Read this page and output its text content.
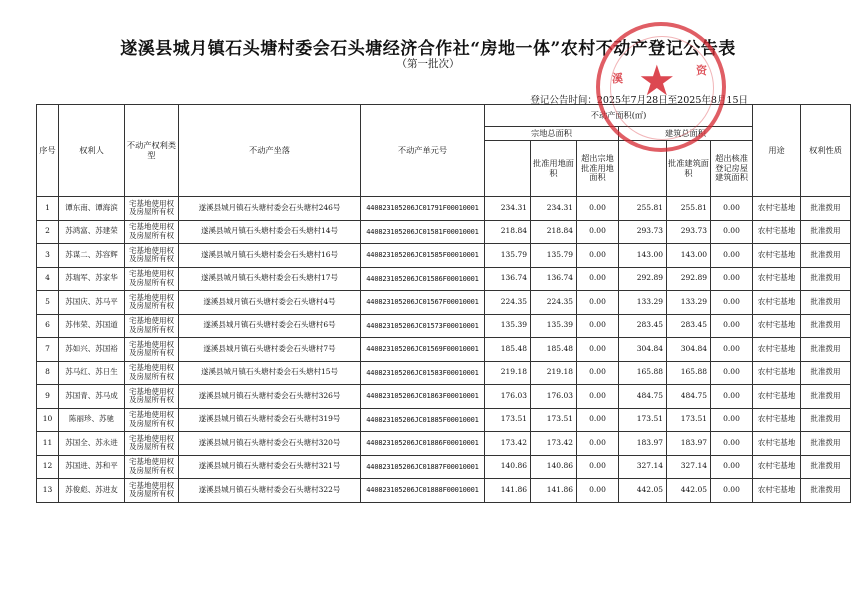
遂溪县城月镇石头塘村委会石头塘经济合作社“房地一体”农村不动产登记公告表
（第一批次）
登记公告时间：2025年7月28日至2025年8月15日
序号	权利人	不动产权利类型	不动产坐落	不动产单元号	不动产面积(㎡)						用途	权利性质
					宗地总面积			建筑总面积				
						批准用地面积	超出宗地批准用地面积		批准建筑面积	超出核准登记房屋建筑面积		
1	谭东南、谭海滨	宅基地使用权及房屋所有权	遂溪县城月镇石头塘村委会石头塘村246号	440823105206JC01791F00010001	234.31	234.31	0.00	255.81	255.81	0.00	农村宅基地	批准拨用
2	苏鸿富、苏建荣	宅基地使用权及房屋所有权	遂溪县城月镇石头塘村委会石头塘村14号	440823105206JC01581F00010001	218.84	218.84	0.00	293.73	293.73	0.00	农村宅基地	批准拨用
3	苏谋二、苏容辉	宅基地使用权及房屋所有权	遂溪县城月镇石头塘村委会石头塘村16号	440823105206JC01585F00010001	135.79	135.79	0.00	143.00	143.00	0.00	农村宅基地	批准拨用
4	苏瑞军、苏家华	宅基地使用权及房屋所有权	遂溪县城月镇石头塘村委会石头塘村17号	440823105206JC01586F00010001	136.74	136.74	0.00	292.89	292.89	0.00	农村宅基地	批准拨用
5	苏国庆、苏马平	宅基地使用权及房屋所有权	遂溪县城月镇石头塘村委会石头塘村4号	440823105206JC01567F00010001	224.35	224.35	0.00	133.29	133.29	0.00	农村宅基地	批准拨用
6	苏伟荣、苏国道	宅基地使用权及房屋所有权	遂溪县城月镇石头塘村委会石头塘村6号	440823105206JC01573F00010001	135.39	135.39	0.00	283.45	283.45	0.00	农村宅基地	批准拨用
7	苏如兴、苏国裕	宅基地使用权及房屋所有权	遂溪县城月镇石头塘村委会石头塘村7号	440823105206JC01569F00010001	185.48	185.48	0.00	304.84	304.84	0.00	农村宅基地	批准拨用
8	苏马红、苏日生	宅基地使用权及房屋所有权	遂溪县城月镇石头塘村委会石头塘村15号	440823105206JC01583F00010001	219.18	219.18	0.00	165.88	165.88	0.00	农村宅基地	批准拨用
9	苏国青、苏马成	宅基地使用权及房屋所有权	遂溪县城月镇石头塘村委会石头塘村326号	440823105206JC01863F00010001	176.03	176.03	0.00	484.75	484.75	0.00	农村宅基地	批准拨用
10	陈丽珍、苏驰	宅基地使用权及房屋所有权	遂溪县城月镇石头塘村委会石头塘村319号	440823105206JC01885F00010001	173.51	173.51	0.00	173.51	173.51	0.00	农村宅基地	批准拨用
11	苏国全、苏永进	宅基地使用权及房屋所有权	遂溪县城月镇石头塘村委会石头塘村320号	440823105206JC01886F00010001	173.42	173.42	0.00	183.97	183.97	0.00	农村宅基地	批准拨用
12	苏国进、苏和平	宅基地使用权及房屋所有权	遂溪县城月镇石头塘村委会石头塘村321号	440823105206JC01887F00010001	140.86	140.86	0.00	327.14	327.14	0.00	农村宅基地	批准拨用
13	苏俊彪、苏进友	宅基地使用权及房屋所有权	遂溪县城月镇石头塘村委会石头塘村322号	440823105206JC01888F00010001	141.86	141.86	0.00	442.05	442.05	0.00	农村宅基地	批准拨用
★
溪
资
